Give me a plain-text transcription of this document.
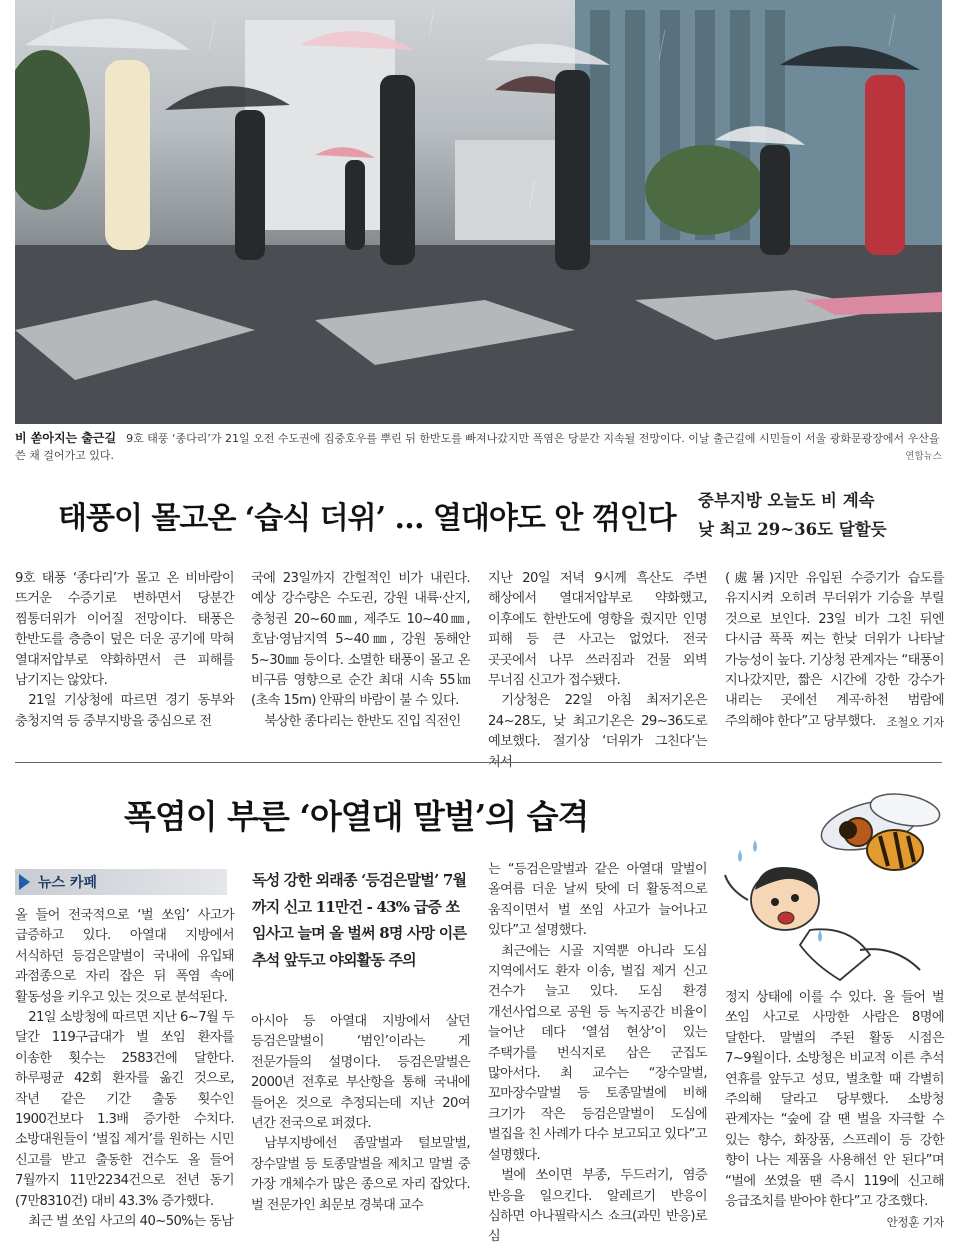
비 쏟아지는 출근길 9호 태풍 ‘종다리’가 21일 오전 수도권에 집중호우를 뿌린 뒤 한반도를 빠져나갔지만 폭염은 당분간 지속될 전망이다. 이날 출근길에 시민들이 서울 광화문광장에서 우산을 쓴 채 걸어가고 있다.	연합뉴스
태풍이 몰고온 ‘습식 더위’ … 열대야도 안 꺾인다
중부지방 오늘도 비 계속
낮 최고 29~36도 달할듯

9호 태풍 ‘종다리’가 몰고 온 비바람이 뜨거운 수증기로 변하면서 당분간 찜통더위가 이어질 전망이다. 태풍은 한반도를 층층이 덮은 더운 공기에 막혀 열대저압부로 약화하면서 큰 피해를 남기지는 않았다.

21일 기상청에 따르면 경기 동부와 충청지역 등 중부지방을 중심으로 전

국에 23일까지 간헐적인 비가 내린다. 예상 강수량은 수도권, 강원 내륙·산지, 충청권 20~60㎜, 제주도 10~40㎜, 호남·영남지역 5~40㎜, 강원 동해안 5~30㎜ 등이다. 소멸한 태풍이 몰고 온 비구름 영향으로 순간 최대 시속 55㎞(초속 15m) 안팎의 바람이 불 수 있다.

북상한 종다리는 한반도 진입 직전인

지난 20일 저녁 9시께 흑산도 주변 해상에서 열대저압부로 약화했고, 이후에도 한반도에 영향을 줬지만 인명 피해 등 큰 사고는 없었다. 전국 곳곳에서 나무 쓰러짐과 건물 외벽 무너짐 신고가 접수됐다.

기상청은 22일 아침 최저기온은 24~28도, 낮 최고기온은 29~36도로 예보했다. 절기상 ‘더위가 그친다’는 처서

(處暑)지만 유입된 수증기가 습도를 유지시켜 오히려 무더위가 기승을 부릴 것으로 보인다. 23일 비가 그친 뒤엔 다시금 푹푹 찌는 한낮 더위가 나타날 가능성이 높다. 기상청 관계자는 “태풍이 지나갔지만, 짧은 시간에 강한 강수가 내리는 곳에선 계곡·하천 범람에 주의해야 한다”고 당부했다. 조철오 기자

폭염이 부른 ‘아열대 말벌’의 습격
뉴스 카페	독성 강한 외래종 ‘등검은말벌’ 7월까지 신고 11만건 - 43% 급증 쏘임사고 늘며 올 벌써 8명 사망 이른 추석 앞두고 야외활동 주의

올 들어 전국적으로 ‘벌 쏘임’ 사고가 급증하고 있다. 아열대 지방에서 서식하던 등검은말벌이 국내에 유입돼 과점종으로 자리 잡은 뒤 폭염 속에 활동성을 키우고 있는 것으로 분석된다.

21일 소방청에 따르면 지난 6~7월 두 달간 119구급대가 벌 쏘임 환자를 이송한 횟수는 2583건에 달한다. 하루평균 42회 환자를 옮긴 것으로, 작년 같은 기간 출동 횟수인 1900건보다 1.3배 증가한 수치다. 소방대원들이 ‘벌집 제거’를 원하는 시민 신고를 받고 출동한 건수도 올 들어 7월까지 11만2234건으로 전년 동기(7만8310건) 대비 43.3% 증가했다.

최근 벌 쏘임 사고의 40~50%는 동남

아시아 등 아열대 지방에서 살던 등검은말벌이 ‘범인’이라는 게 전문가들의 설명이다. 등검은말벌은 2000년 전후로 부산항을 통해 국내에 들어온 것으로 추정되는데 지난 20여 년간 전국으로 퍼졌다.

남부지방에선 좀말벌과 털보말벌, 장수말벌 등 토종말벌을 제치고 말벌 중 가장 개체수가 많은 종으로 자리 잡았다. 벌 전문가인 최문보 경북대 교수

는 “등검은말벌과 같은 아열대 말벌이 올여름 더운 날씨 탓에 더 활동적으로 움직이면서 벌 쏘임 사고가 늘어나고 있다”고 설명했다.

최근에는 시골 지역뿐 아니라 도심 지역에서도 환자 이송, 벌집 제거 신고 건수가 늘고 있다. 도심 환경 개선사업으로 공원 등 녹지공간 비율이 늘어난 데다 ‘열섬 현상’이 있는 주택가를 번식지로 삼은 군집도 많아서다. 최 교수는 “장수말벌, 꼬마장수말벌 등 토종말벌에 비해 크기가 작은 등검은말벌이 도심에 벌집을 친 사례가 다수 보고되고 있다”고 설명했다.

벌에 쏘이면 부종, 두드러기, 염증 반응을 일으킨다. 알레르기 반응이 심하면 아나필락시스 쇼크(과민 반응)로 심

정지 상태에 이를 수 있다. 올 들어 벌 쏘임 사고로 사망한 사람은 8명에 달한다. 말벌의 주된 활동 시점은 7~9월이다. 소방청은 비교적 이른 추석 연휴를 앞두고 성묘, 벌초할 때 각별히 주의해 달라고 당부했다. 소방청 관계자는 “숲에 갈 땐 벌을 자극할 수 있는 향수, 화장품, 스프레이 등 강한 향이 나는 제품을 사용해선 안 된다”며 “벌에 쏘였을 땐 즉시 119에 신고해 응급조치를 받아야 한다”고 강조했다.
안정훈 기자
